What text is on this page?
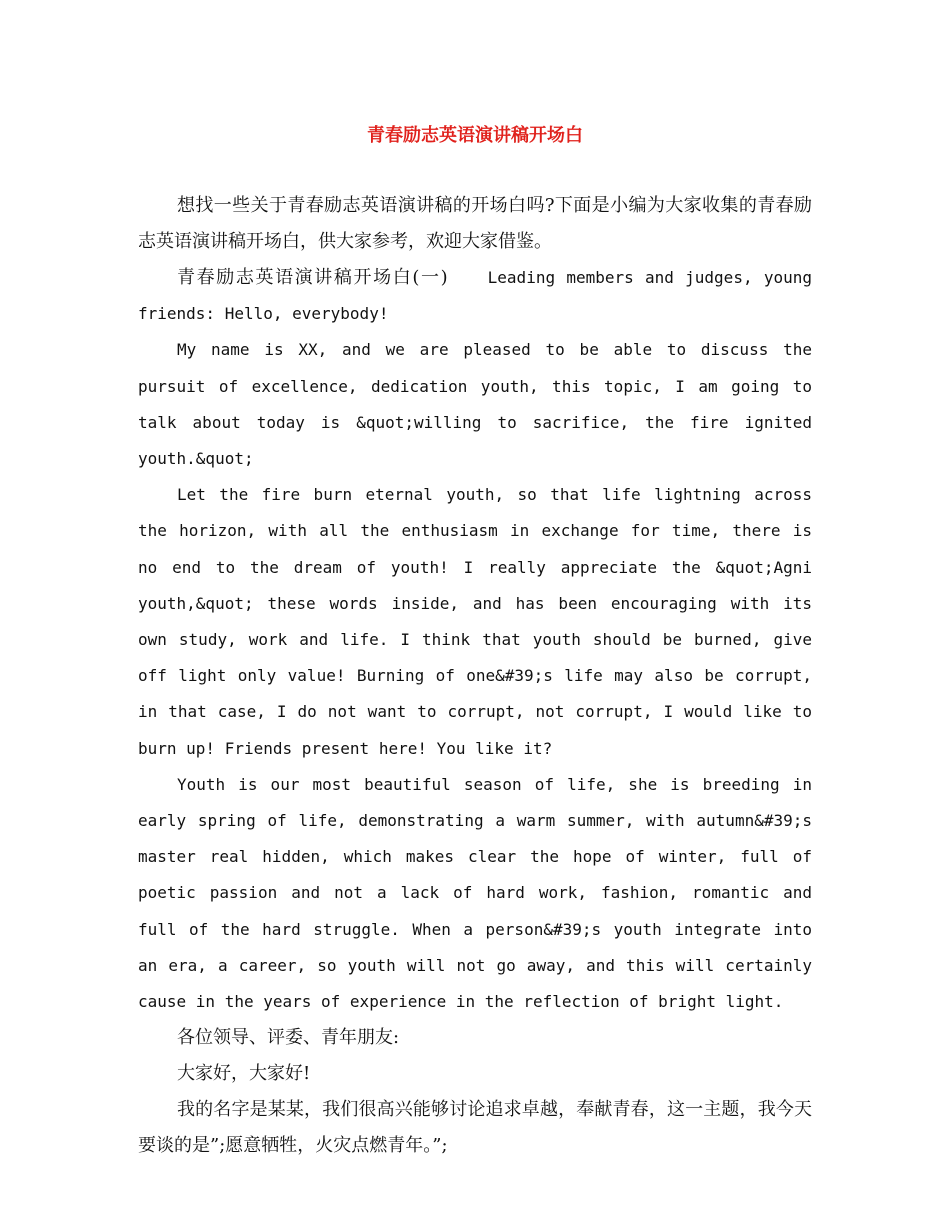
青春励志英语演讲稿开场白

想找一些关于青春励志英语演讲稿的开场白吗?下面是小编为大家收集的青春励志英语演讲稿开场白，供大家参考，欢迎大家借鉴。

青春励志英语演讲稿开场白(一)	Leading members and judges, young friends: Hello, everybody!

My name is XX, and we are pleased to be able to discuss the pursuit of excellence, dedication youth, this topic, I am going to talk about today is &quot;willing to sacrifice, the fire ignited youth.&quot;

Let the fire burn eternal youth, so that life lightning across the horizon, with all the enthusiasm in exchange for time, there is no end to the dream of youth! I really appreciate the &quot;Agni youth,&quot; these words inside, and has been encouraging with its own study, work and life. I think that youth should be burned, give off light only value! Burning of one&#39;s life may also be corrupt, in that case, I do not want to corrupt, not corrupt, I would like to burn up! Friends present here! You like it?

Youth is our most beautiful season of life, she is breeding in early spring of life, demonstrating a warm summer, with autumn&#39;s master real hidden, which makes clear the hope of winter, full of poetic passion and not a lack of hard work, fashion, romantic and full of the hard struggle. When a person&#39;s youth integrate into an era, a career, so youth will not go away, and this will certainly cause in the years of experience in the reflection of bright light.

各位领导、评委、青年朋友:

大家好，大家好!

我的名字是某某，我们很高兴能够讨论追求卓越，奉献青春，这一主题，我今天要谈的是”;愿意牺牲，火灾点燃青年。”;
